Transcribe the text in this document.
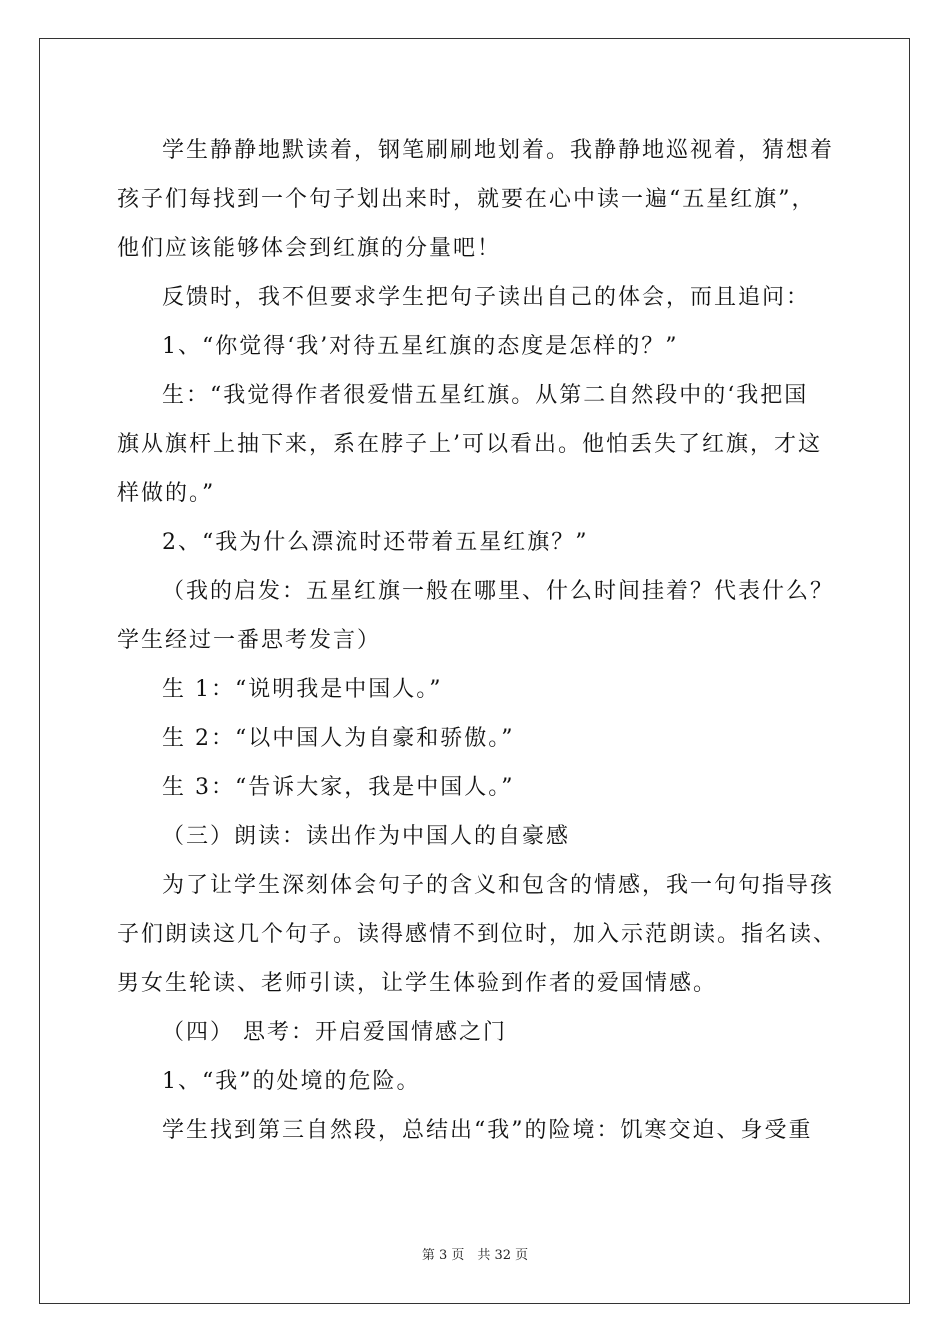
学生静静地默读着，钢笔刷刷地划着。我静静地巡视着，猜想着
孩子们每找到一个句子划出来时，就要在心中读一遍“五星红旗”，
他们应该能够体会到红旗的分量吧！
反馈时，我不但要求学生把句子读出自己的体会，而且追问：
1、“你觉得‘我’对待五星红旗的态度是怎样的？”
生：“我觉得作者很爱惜五星红旗。从第二自然段中的‘我把国
旗从旗杆上抽下来，系在脖子上’可以看出。他怕丢失了红旗，才这
样做的。”
2、“我为什么漂流时还带着五星红旗？”
（我的启发：五星红旗一般在哪里、什么时间挂着？代表什么？
学生经过一番思考发言）
生 1：“说明我是中国人。”
生 2：“以中国人为自豪和骄傲。”
生 3：“告诉大家，我是中国人。”
（三）朗读：读出作为中国人的自豪感
为了让学生深刻体会句子的含义和包含的情感，我一句句指导孩
子们朗读这几个句子。读得感情不到位时，加入示范朗读。指名读、
男女生轮读、老师引读，让学生体验到作者的爱国情感。
（四） 思考：开启爱国情感之门
1、“我”的处境的危险。
学生找到第三自然段，总结出“我”的险境：饥寒交迫、身受重
第 3 页　共 32 页
